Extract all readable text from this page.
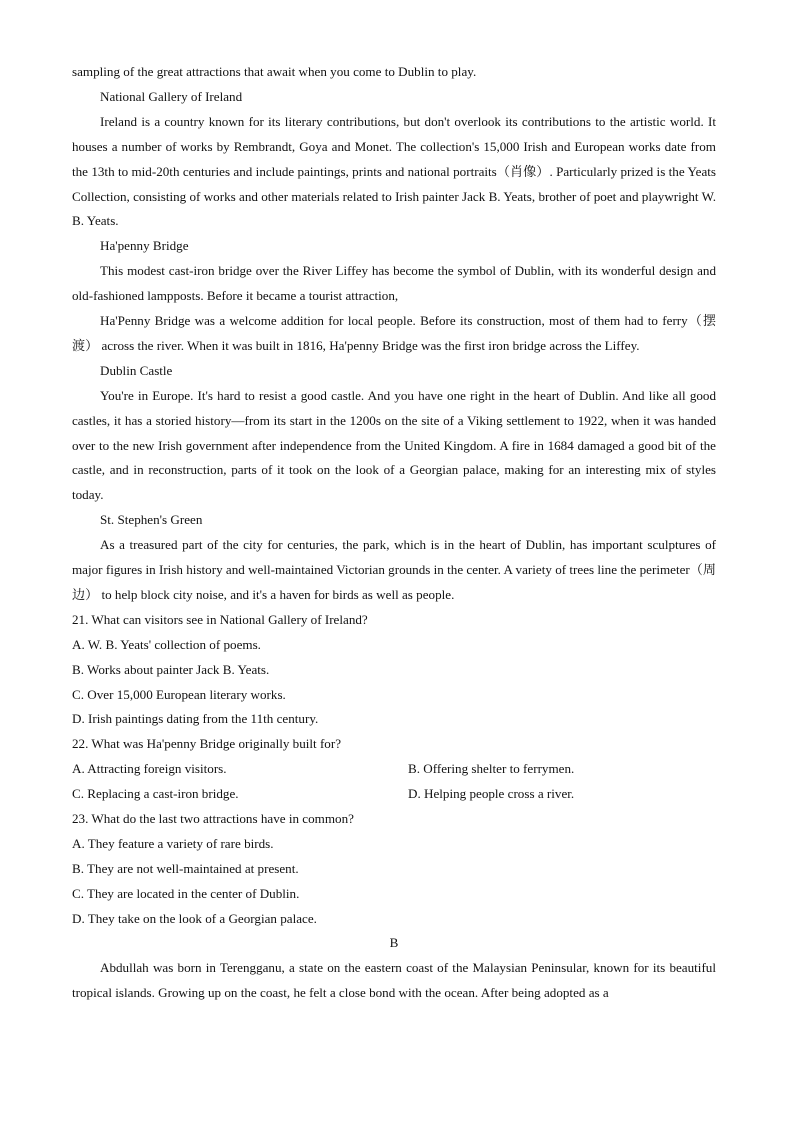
sampling of the great attractions that await when you come to Dublin to play.
National Gallery of Ireland

Ireland is a country known for its literary contributions, but don't overlook its contributions to the artistic world. It houses a number of works by Rembrandt, Goya and Monet. The collection's 15,000 Irish and European works date from the 13th to mid-20th centuries and include paintings, prints and national portraits（肖像）. Particularly prized is the Yeats Collection, consisting of works and other materials related to Irish painter Jack B. Yeats, brother of poet and playwright W. B. Yeats.

Ha'penny Bridge

This modest cast-iron bridge over the River Liffey has become the symbol of Dublin, with its wonderful design and old-fashioned lampposts. Before it became a tourist attraction,

Ha'Penny Bridge was a welcome addition for local people. Before its construction, most of them had to ferry（摆渡） across the river. When it was built in 1816, Ha'penny Bridge was the first iron bridge across the Liffey.

Dublin Castle

You're in Europe. It's hard to resist a good castle. And you have one right in the heart of Dublin. And like all good castles, it has a storied history—from its start in the 1200s on the site of a Viking settlement to 1922, when it was handed over to the new Irish government after independence from the United Kingdom. A fire in 1684 damaged a good bit of the castle, and in reconstruction, parts of it took on the look of a Georgian palace, making for an interesting mix of styles today.

St. Stephen's Green

As a treasured part of the city for centuries, the park, which is in the heart of Dublin, has important sculptures of major figures in Irish history and well-maintained Victorian grounds in the center. A variety of trees line the perimeter（周边） to help block city noise, and it's a haven for birds as well as people.

21. What can visitors see in National Gallery of Ireland?
A. W. B. Yeats' collection of poems.
B. Works about painter Jack B. Yeats.
C. Over 15,000 European literary works.
D. Irish paintings dating from the 11th century.
22. What was Ha'penny Bridge originally built for?
A. Attracting foreign visitors.	B. Offering shelter to ferrymen.
C. Replacing a cast-iron bridge.	D. Helping people cross a river.
23. What do the last two attractions have in common?
A. They feature a variety of rare birds.
B. They are not well-maintained at present.
C. They are located in the center of Dublin.
D. They take on the look of a Georgian palace.
B

Abdullah was born in Terengganu, a state on the eastern coast of the Malaysian Peninsular, known for its beautiful tropical islands. Growing up on the coast, he felt a close bond with the ocean. After being adopted as a
